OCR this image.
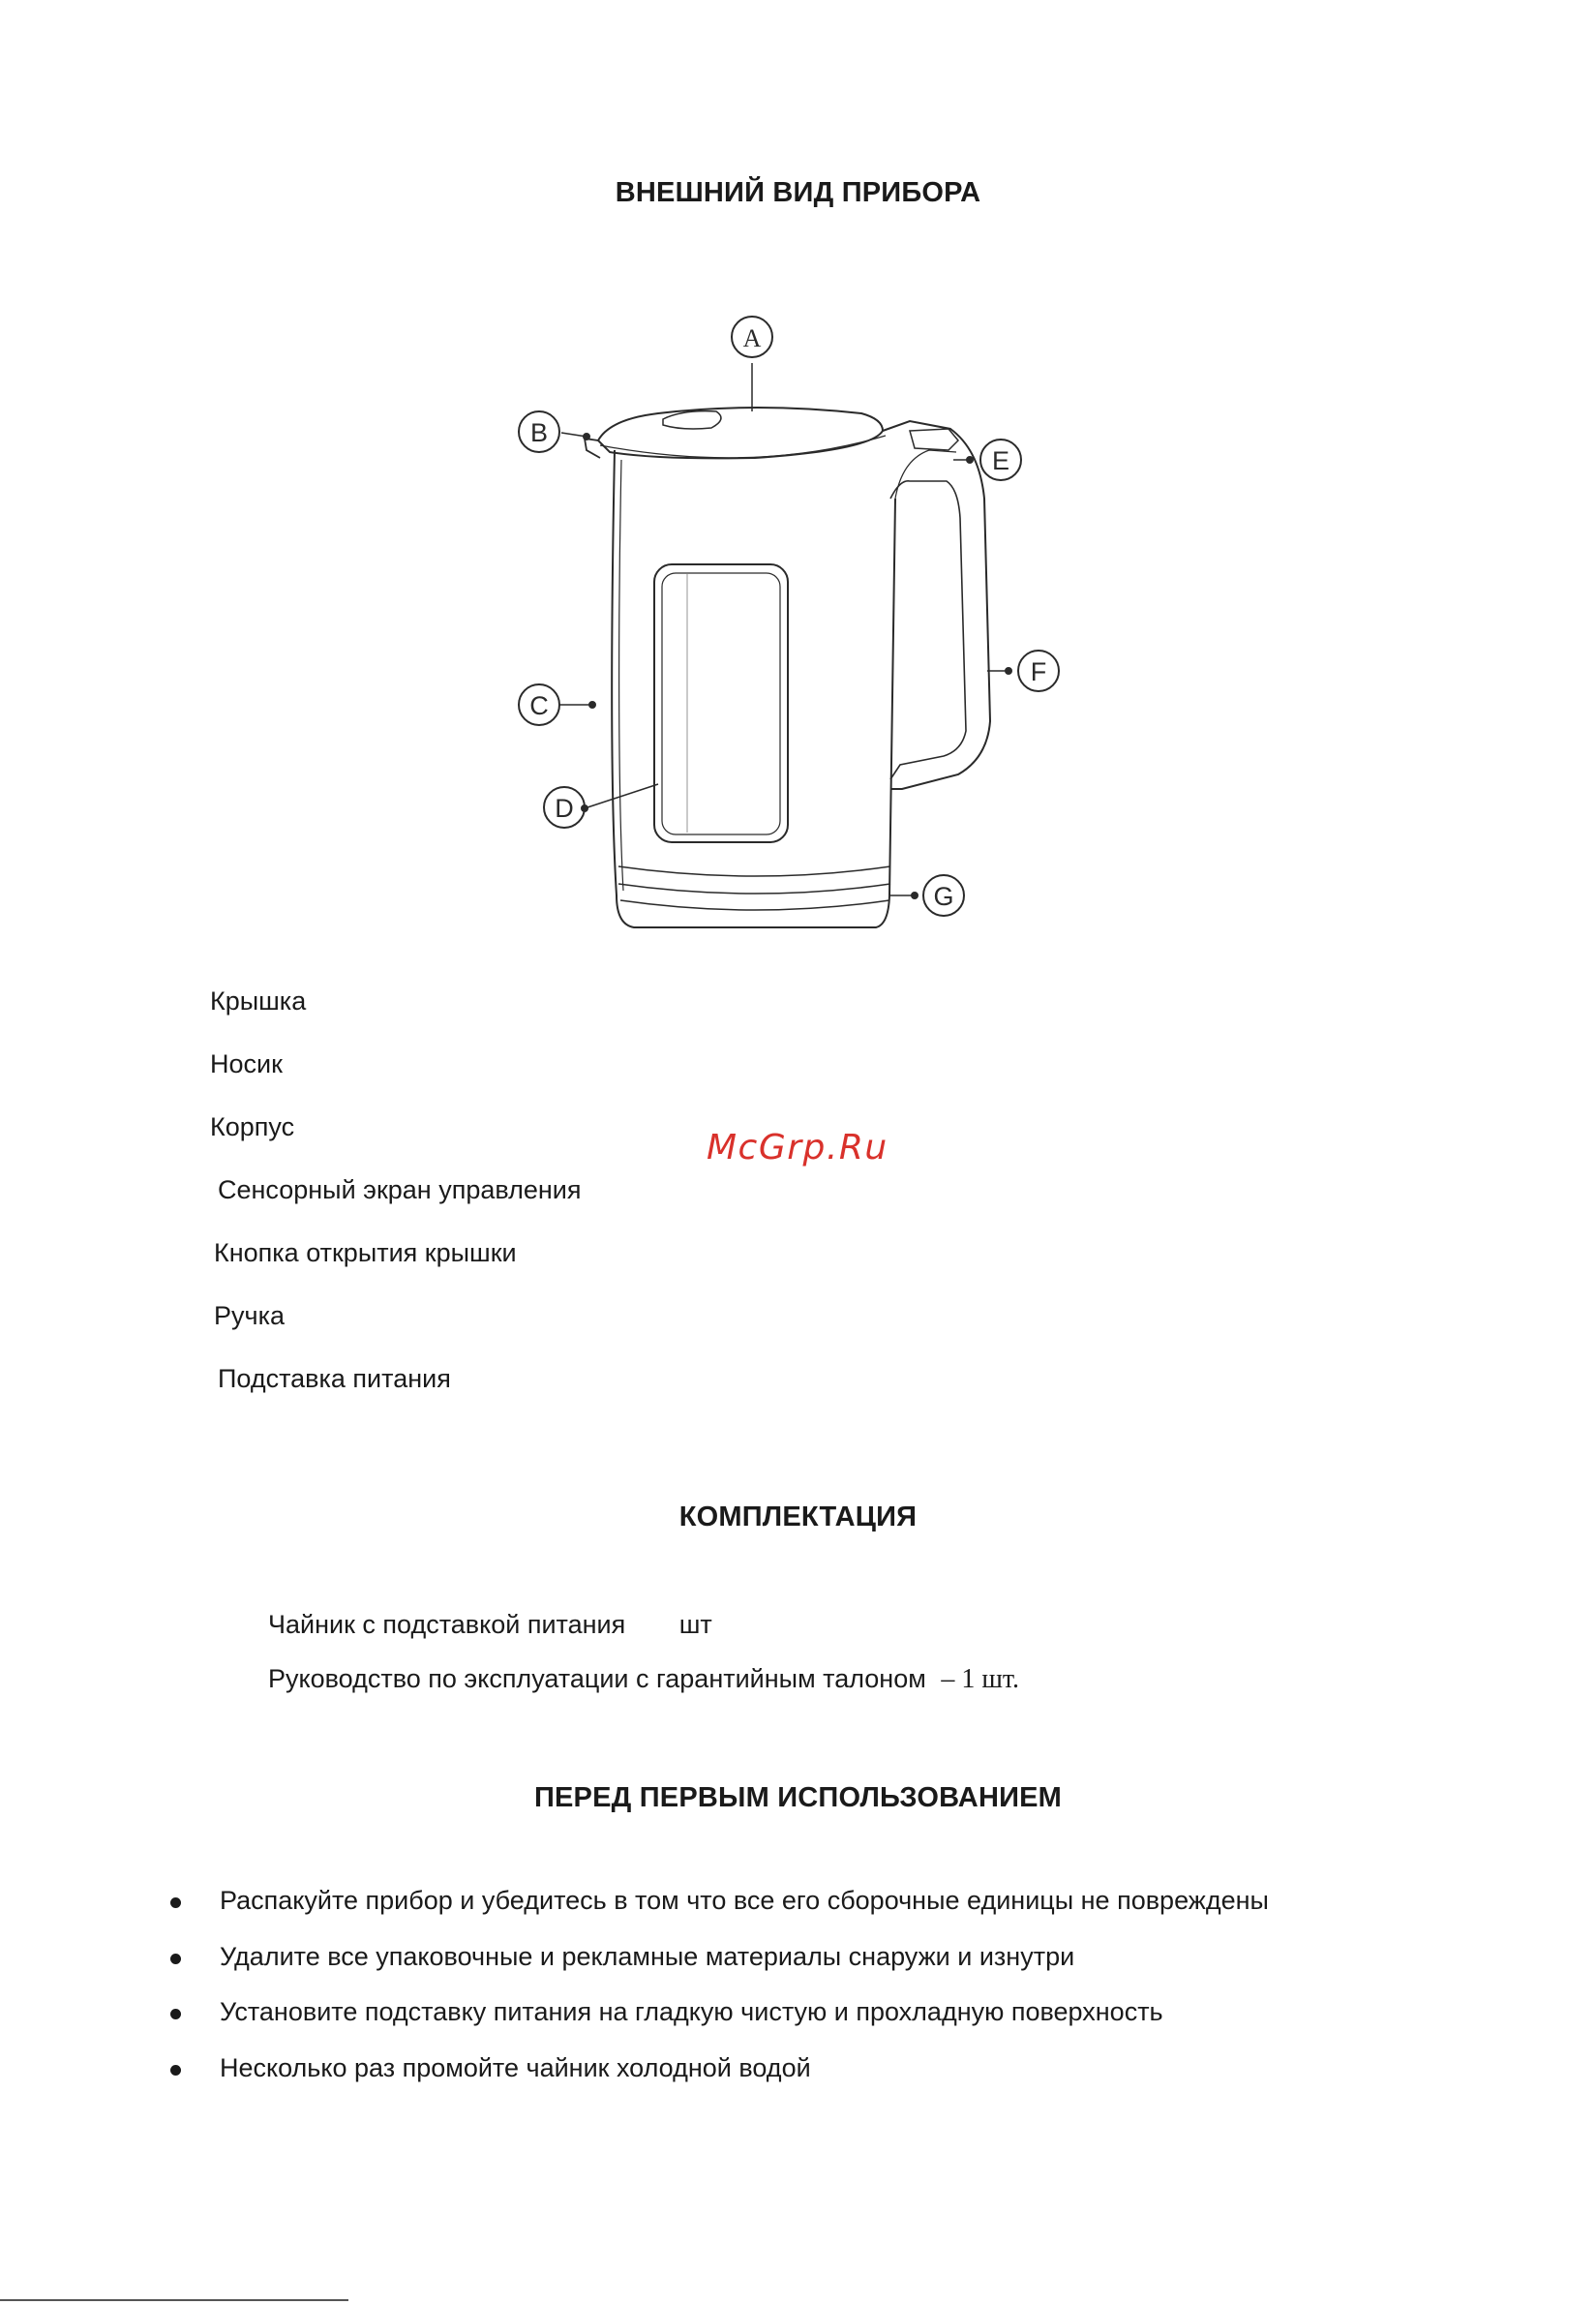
ВНЕШНИЙ ВИД ПРИБОРА
A
B
C
D
E
F
G
Крышка
Носик
Корпус
Сенсорный экран управления
Кнопка открытия крышки
Ручка
Подставка питания
McGrp.Ru
КОМПЛЕКТАЦИЯ
Чайник с подставкой питания шт
Руководство по эксплуатации с гарантийным талоном – 1 шт.
ПЕРЕД ПЕРВЫМ ИСПОЛЬЗОВАНИЕМ
Распакуйте прибор и убедитесь в том что все его сборочные единицы не повреждены
Удалите все упаковочные и рекламные материалы снаружи и изнутри
Установите подставку питания на гладкую чистую и прохладную поверхность
Несколько раз промойте чайник холодной водой
